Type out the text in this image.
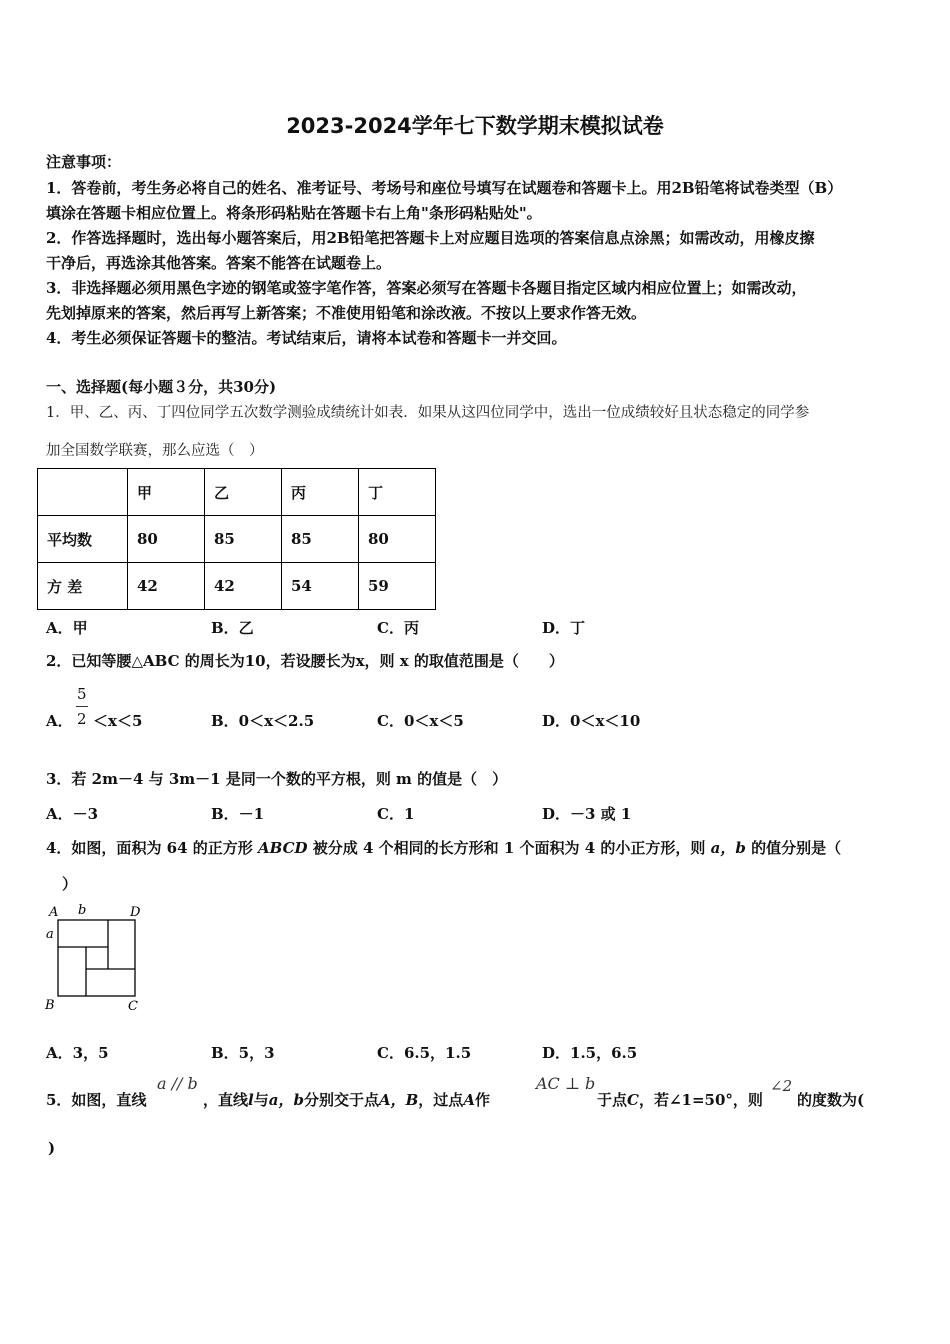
2023-2024学年七下数学期末模拟试卷
注意事项：
1．答卷前，考生务必将自己的姓名、准考证号、考场号和座位号填写在试题卷和答题卡上。用2B铅笔将试卷类型（B）
填涂在答题卡相应位置上。将条形码粘贴在答题卡右上角"条形码粘贴处"。
2．作答选择题时，选出每小题答案后，用2B铅笔把答题卡上对应题目选项的答案信息点涂黑；如需改动，用橡皮擦
干净后，再选涂其他答案。答案不能答在试题卷上。
3．非选择题必须用黑色字迹的钢笔或签字笔作答，答案必须写在答题卡各题目指定区域内相应位置上；如需改动，
先划掉原来的答案，然后再写上新答案；不准使用铅笔和涂改液。不按以上要求作答无效。
4．考生必须保证答题卡的整洁。考试结束后，请将本试卷和答题卡一并交回。
一、选择题(每小题３分，共30分)
1．甲、乙、丙、丁四位同学五次数学测验成绩统计如表．如果从这四位同学中，选出一位成绩较好且状态稳定的同学参
加全国数学联赛，那么应选（　）
	甲	乙	丙	丁
平均数	80	85	85	80
方 差	42	42	54	59
A．甲	B．乙	C．丙	D．丁
2．已知等腰△ABC 的周长为10，若设腰长为x，则 x 的取值范围是（　　）
A．
5
2 ＜x＜5	B．0＜x＜2.5	C．0＜x＜5	D．0＜x＜10
3．若 2m－4 与 3m－1 是同一个数的平方根，则 m 的值是（　）
A．－3	B．－1	C．1	D．－3 或 1
4．如图，面积为 64 的正方形 ABCD 被分成 4 个相同的长方形和 1 个面积为 4 的小正方形，则 a，b 的值分别是（
）
A b	D
a
B	C
A．3，5	B．5，3	C．6.5，1.5	D．1.5，6.5
5．如图，直线
a // b
，直线l与a，b分别交于点A，B，过点A作
AC ⊥ b
于点C，若∠1=50°，则
∠2
的度数为(
)
